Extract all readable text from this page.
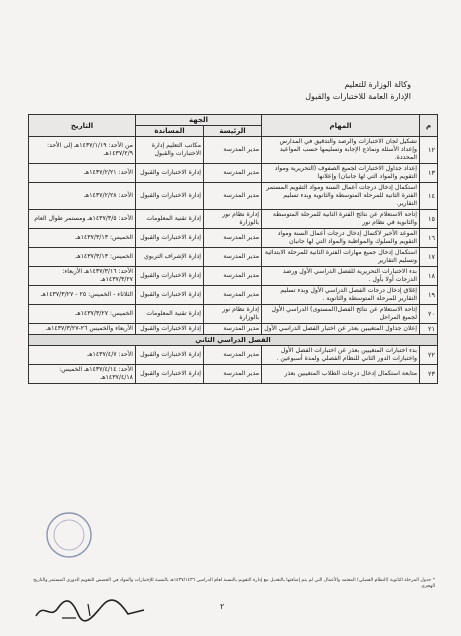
وكالة الوزارة للتعليم
الإدارة العامة للاختبارات والقبول
م	المهام	الجهة		التاريخ
		الرئيسة	المساندة	
١٢	تشكيل لجان الاختبارات والرصد والتدقيق في المدارس وإعداد الأسئلة ونماذج الإجابة وتسليمها حسب المواعيد المحددة.	مدير المدرسة	مكاتب التعليم إدارة الاختبارات والقبول	من الأحد: ١٤٣٧/١/١٩هـ إلى الأحد: ١٤٣٧/٢/٩هـ
١٣	إعداد جداول الاختبارات لجميع الصفوف (التحريرية ومواد التقويم والمواد التي لها جانبان) وإعلانها	مدير المدرسة	إدارة الاختبارات والقبول	الأحد: ١٤٣٧/٢/٢١هـ
١٤	استكمال إدخال درجات أعمال السنة ومواد التقويم المستمر الفترة الثانية للمرحلة المتوسطة والثانوية وبدء تسليم التقارير.	مدير المدرسة	إدارة الاختبارات والقبول	الأحد: ١٤٣٧/٢/٢٨هـ
١٥	إتاحة الاستعلام عن نتائج الفترة الثانية للمرحلة المتوسطة والثانوية في نظام نور	إدارة نظام نور بالوزارة	إدارة تقنية المعلومات	الأحد: ١٤٣٧/٣/٥هـ ومستمر طوال العام
١٦	الموعد الأخير لاكتمال إدخال درجات أعمال السنة ومواد التقويم والسلوك والمواظبة والمواد التي لها جانبان	مدير المدرسة	إدارة الاختبارات والقبول	الخميس: ١٤٣٧/٣/١٣هـ
١٧	استكمال إدخال جميع مهارات الفترة الثانية للمرحلة الابتدائية وتسليم التقارير	مدير المدرسة	إدارة الإشراف التربوي	الخميس: ١٤٣٧/٣/١٣هـ
١٨	بدء الاختبارات التحريرية للفصل الدراسي الأول ورصد الدرجات أولا بأول .	مدير المدرسة	إدارة الاختبارات والقبول	الأحد: ١٤٣٧/٣/١٦هـ الأربعاء: ١٤٣٧/٣/٢٧هـ
١٩	إغلاق إدخال درجات الفصل الدراسي الأول وبدء تسليم التقارير للمرحلة المتوسطة والثانوية .	مدير المدرسة	إدارة الاختبارات والقبول	الثلاثاء - الخميس: ٢٥ - ١٤٣٧/٣/٢٧هـ
٢٠	إتاحة الاستعلام عن نتائج الفصل(المستوى) الدراسي الأول لجميع المراحل	إدارة نظام نور بالوزارة	إدارة تقنية المعلومات	الخميس: ١٤٣٧/٣/٢٧هـ
٢١	إعلان جداول المتغيبين بعذر عن اختبار الفصل الدراسي الأول	مدير المدرسة	إدارة الاختبارات والقبول	الأربعاء والخميس ٢٦-١٤٣٧/٣/٢٧هـ
الفصل الدراسي الثاني				
٢٢	بدء اختبارات المتغيبين بعذر عن اختبارات الفصل الأول واختبارات الدور الثاني للنظام الفصلي ولمدة أسبوعين .	مدير المدرسة	إدارة الاختبارات والقبول	الأحد: ١٤٣٧/٤/٧هـ
٢٣	متابعة استكمال إدخال درجات الطلاب المتغيبين بعذر	مدير المدرسة	إدارة الاختبارات والقبول	الأحد: ١٤٣٧/٤/١٤هـ الخميس: ١٤٣٧/٤/١٨هـ
* جدول المرحلة الثانوية (النظام الفصلي) المعتمد والأعمال التي لم يتم إضافتها بالتعديل مع إدارة التقويم بالنسبة لعام الدراسي ١٤٣٧/١٤٣٦هـ بالنسبة للإختبارات والمواد في الحصص للتقويم الدوري المستمر والتاريخ الهجري
٢
